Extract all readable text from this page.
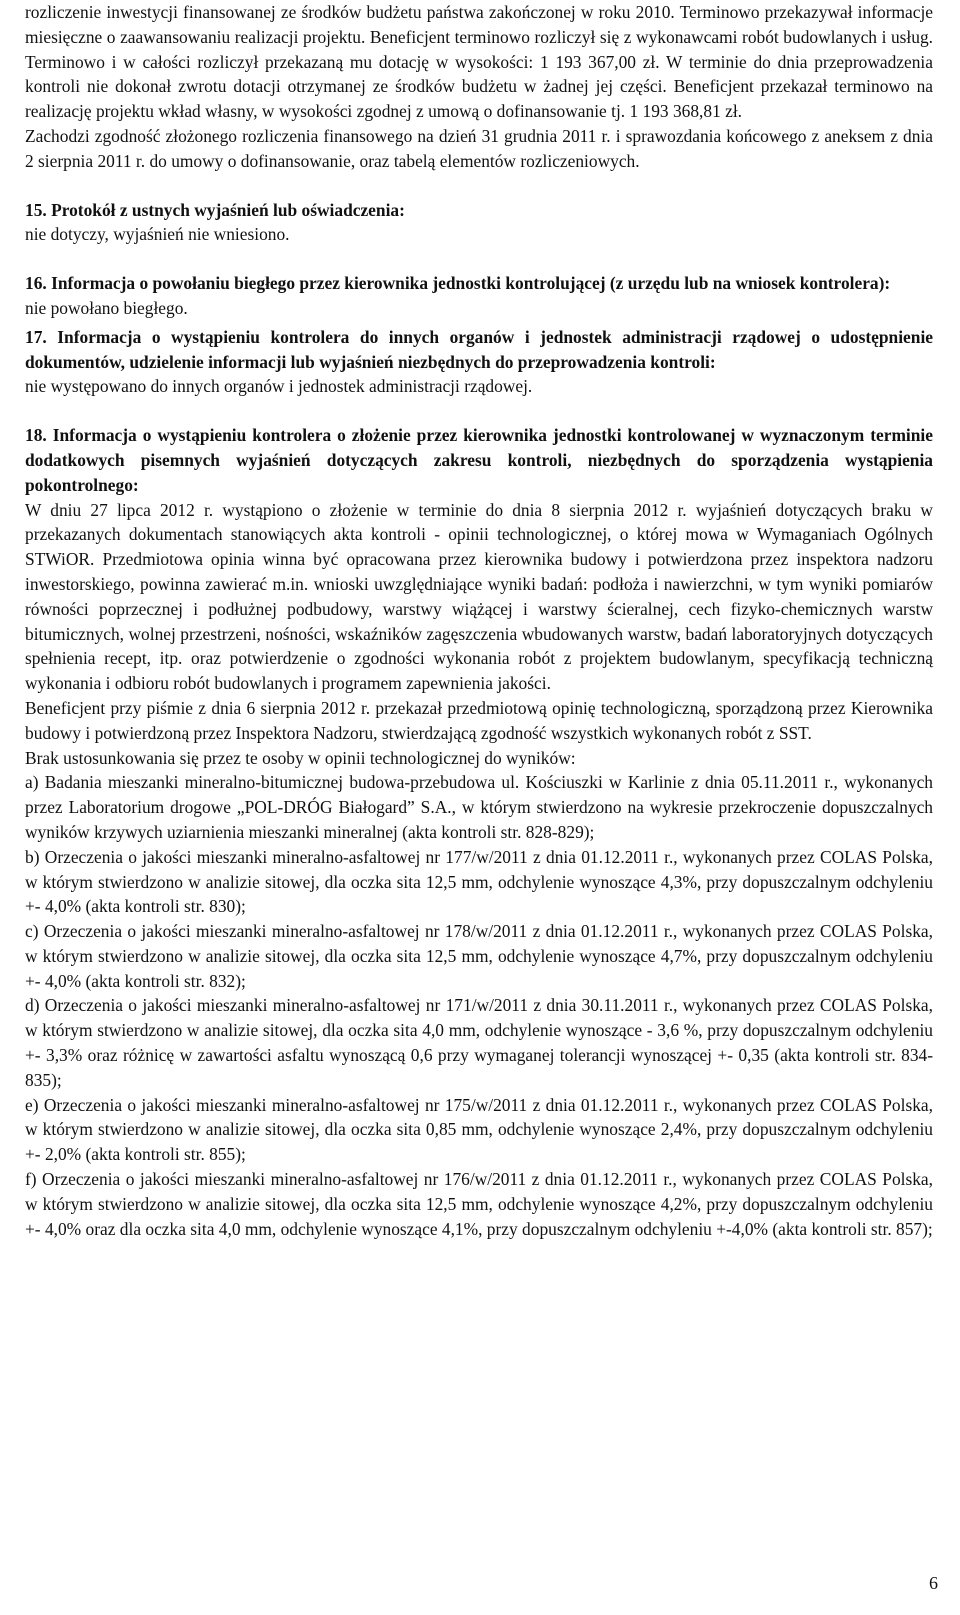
rozliczenie inwestycji finansowanej ze środków budżetu państwa zakończonej w roku 2010. Terminowo przekazywał informacje miesięczne o zaawansowaniu realizacji projektu. Beneficjent terminowo rozliczył się z wykonawcami robót budowlanych i usług. Terminowo i w całości rozliczył przekazaną mu dotację w wysokości: 1 193 367,00 zł. W terminie do dnia przeprowadzenia kontroli nie dokonał zwrotu dotacji otrzymanej ze środków budżetu w żadnej jej części. Beneficjent przekazał terminowo na realizację projektu wkład własny, w wysokości zgodnej z umową o dofinansowanie tj. 1 193 368,81 zł.

Zachodzi zgodność złożonego rozliczenia finansowego na dzień 31 grudnia 2011 r. i sprawozdania końcowego z aneksem z dnia 2 sierpnia 2011 r. do umowy o dofinansowanie, oraz tabelą elementów rozliczeniowych.

15. Protokół z ustnych wyjaśnień lub oświadczenia:

nie dotyczy, wyjaśnień nie wniesiono.

16. Informacja o powołaniu biegłego przez kierownika jednostki kontrolującej (z urzędu lub na wniosek kontrolera):

nie powołano biegłego.

17. Informacja o wystąpieniu kontrolera do innych organów i jednostek administracji rządowej o udostępnienie dokumentów, udzielenie informacji lub wyjaśnień niezbędnych do przeprowadzenia kontroli:

nie występowano do innych organów i jednostek administracji rządowej.

18. Informacja o wystąpieniu kontrolera o złożenie przez kierownika jednostki kontrolowanej w wyznaczonym terminie dodatkowych pisemnych wyjaśnień dotyczących zakresu kontroli, niezbędnych do sporządzenia wystąpienia pokontrolnego:

W dniu 27 lipca 2012 r. wystąpiono o złożenie w terminie do dnia 8 sierpnia 2012 r. wyjaśnień dotyczących braku w przekazanych dokumentach stanowiących akta kontroli - opinii technologicznej, o której mowa w Wymaganiach Ogólnych STWiOR. Przedmiotowa opinia winna być opracowana przez kierownika budowy i potwierdzona przez inspektora nadzoru inwestorskiego, powinna zawierać m.in. wnioski uwzględniające wyniki badań: podłoża i nawierzchni, w tym wyniki pomiarów równości poprzecznej i podłużnej podbudowy, warstwy wiążącej i warstwy ścieralnej, cech fizyko-chemicznych warstw bitumicznych, wolnej przestrzeni, nośności, wskaźników zagęszczenia wbudowanych warstw, badań laboratoryjnych dotyczących spełnienia recept, itp. oraz potwierdzenie o zgodności wykonania robót z projektem budowlanym, specyfikacją techniczną wykonania i odbioru robót budowlanych i programem zapewnienia jakości.

Beneficjent przy piśmie z dnia 6 sierpnia 2012 r. przekazał przedmiotową opinię technologiczną, sporządzoną przez Kierownika budowy i potwierdzoną przez Inspektora Nadzoru, stwierdzającą zgodność wszystkich wykonanych robót z SST.

Brak ustosunkowania się przez te osoby w opinii technologicznej do wyników:

a) Badania mieszanki mineralno-bitumicznej budowa-przebudowa ul. Kościuszki w Karlinie z dnia 05.11.2011 r., wykonanych przez Laboratorium drogowe „POL-DRÓG Białogard” S.A., w którym stwierdzono na wykresie przekroczenie dopuszczalnych wyników krzywych uziarnienia mieszanki mineralnej (akta kontroli str. 828-829);

b) Orzeczenia o jakości mieszanki mineralno-asfaltowej nr 177/w/2011 z dnia 01.12.2011 r., wykonanych przez COLAS Polska, w którym stwierdzono w analizie sitowej, dla oczka sita 12,5 mm, odchylenie wynoszące 4,3%, przy dopuszczalnym odchyleniu +- 4,0% (akta kontroli str. 830);

c) Orzeczenia o jakości mieszanki mineralno-asfaltowej nr 178/w/2011 z dnia 01.12.2011 r., wykonanych przez COLAS Polska, w którym stwierdzono w analizie sitowej, dla oczka sita 12,5 mm, odchylenie wynoszące 4,7%, przy dopuszczalnym odchyleniu +- 4,0% (akta kontroli str. 832);

d) Orzeczenia o jakości mieszanki mineralno-asfaltowej nr 171/w/2011 z dnia 30.11.2011 r., wykonanych przez COLAS Polska, w którym stwierdzono w analizie sitowej, dla oczka sita 4,0 mm, odchylenie wynoszące - 3,6 %, przy dopuszczalnym odchyleniu +- 3,3% oraz różnicę w zawartości asfaltu wynoszącą 0,6 przy wymaganej tolerancji wynoszącej +- 0,35 (akta kontroli str. 834-835);

e) Orzeczenia o jakości mieszanki mineralno-asfaltowej nr 175/w/2011 z dnia 01.12.2011 r., wykonanych przez COLAS Polska, w którym stwierdzono w analizie sitowej, dla oczka sita 0,85 mm, odchylenie wynoszące 2,4%, przy dopuszczalnym odchyleniu +- 2,0% (akta kontroli str. 855);

f) Orzeczenia o jakości mieszanki mineralno-asfaltowej nr 176/w/2011 z dnia 01.12.2011 r., wykonanych przez COLAS Polska, w którym stwierdzono w analizie sitowej, dla oczka sita 12,5 mm, odchylenie wynoszące 4,2%, przy dopuszczalnym odchyleniu +- 4,0% oraz dla oczka sita 4,0 mm, odchylenie wynoszące 4,1%, przy dopuszczalnym odchyleniu +-4,0% (akta kontroli str. 857);

6
